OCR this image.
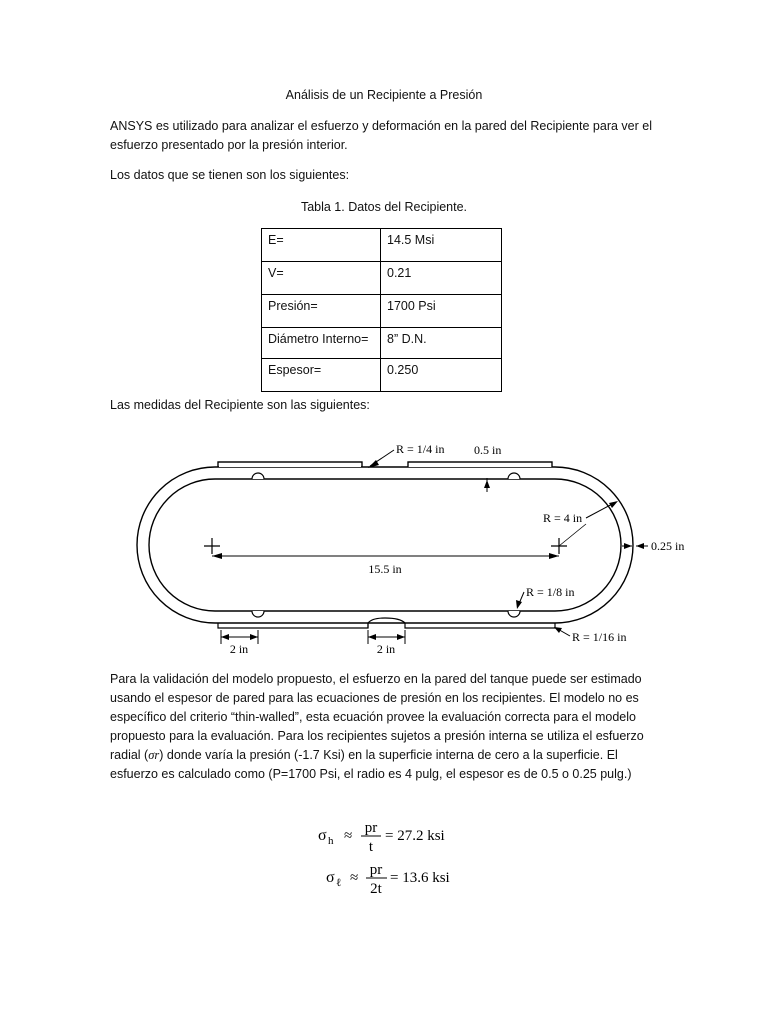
Análisis de un Recipiente a Presión
ANSYS es utilizado para analizar el esfuerzo y deformación en la pared del Recipiente para ver el esfuerzo presentado por la presión interior.
Los datos que se tienen son los siguientes:
Tabla 1. Datos del Recipiente.
E=	14.5 Msi
V=	0.21
Presión=	1700 Psi
Diámetro Interno=	8” D.N.
Espesor=	0.250
Las medidas del Recipiente son las siguientes:
15.5 in
R = 1/4 in 0.5 in
R = 4 in
0.25 in
R = 1/8 in
R = 1/16 in
2 in	2 in
Para la validación del modelo propuesto, el esfuerzo en la pared del tanque puede ser estimado usando el espesor de pared para las ecuaciones de presión en los recipientes. El modelo no es específico del criterio “thin-walled”, esta ecuación provee la evaluación correcta para el modelo propuesto para la evaluación. Para los recipientes sujetos a presión interna se utiliza el esfuerzo radial (σr) donde varía la presión (-1.7 Ksi) en la superficie interna de cero a la superficie. El esfuerzo es calculado como (P=1700 Psi, el radio es 4 pulg, el espesor es de 0.5 o 0.25 pulg.)
σ h ≈ pr
t
= 27.2 ksi
σ ℓ ≈ pr
2t
= 13.6 ksi
